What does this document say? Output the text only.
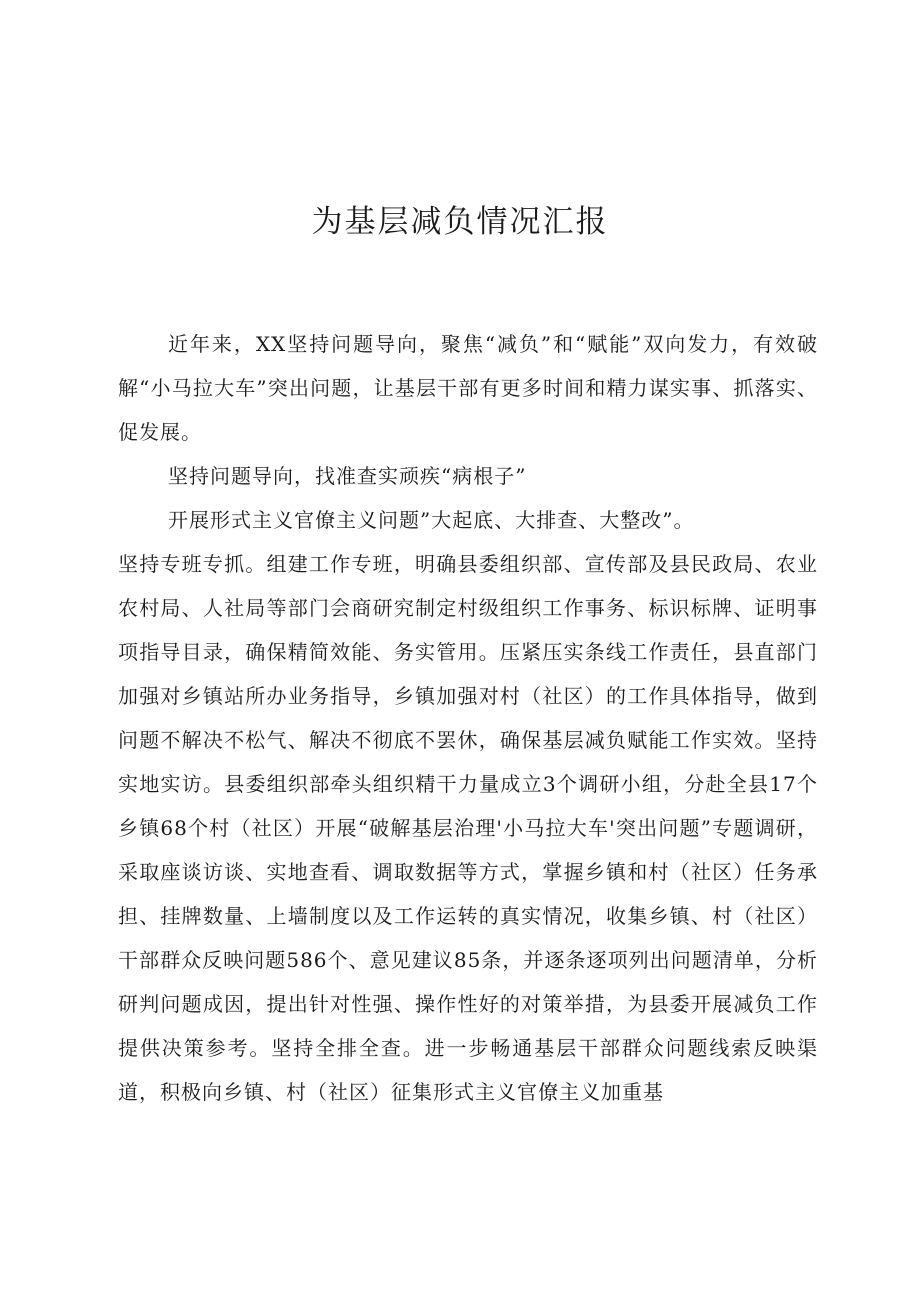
为基层减负情况汇报

近年来，XX坚持问题导向，聚焦“减负”和“赋能”双向发力，有效破解“小马拉大车”突出问题，让基层干部有更多时间和精力谋实事、抓落实、促发展。

坚持问题导向，找准查实顽疾“病根子”

开展形式主义官僚主义问题”大起底、大排查、大整改”。

坚持专班专抓。组建工作专班，明确县委组织部、宣传部及县民政局、农业农村局、人社局等部门会商研究制定村级组织工作事务、标识标牌、证明事项指导目录，确保精简效能、务实管用。压紧压实条线工作责任，县直部门加强对乡镇站所办业务指导，乡镇加强对村（社区）的工作具体指导，做到问题不解决不松气、解决不彻底不罢休，确保基层减负赋能工作实效。坚持实地实访。县委组织部牵头组织精干力量成立3个调研小组，分赴全县17个乡镇68个村（社区）开展“破解基层治理'小马拉大车'突出问题”专题调研，采取座谈访谈、实地查看、调取数据等方式，掌握乡镇和村（社区）任务承担、挂牌数量、上墙制度以及工作运转的真实情况，收集乡镇、村（社区）干部群众反映问题586个、意见建议85条，并逐条逐项列出问题清单，分析研判问题成因，提出针对性强、操作性好的对策举措，为县委开展减负工作提供决策参考。坚持全排全查。进一步畅通基层干部群众问题线索反映渠道，积极向乡镇、村（社区）征集形式主义官僚主义加重基
